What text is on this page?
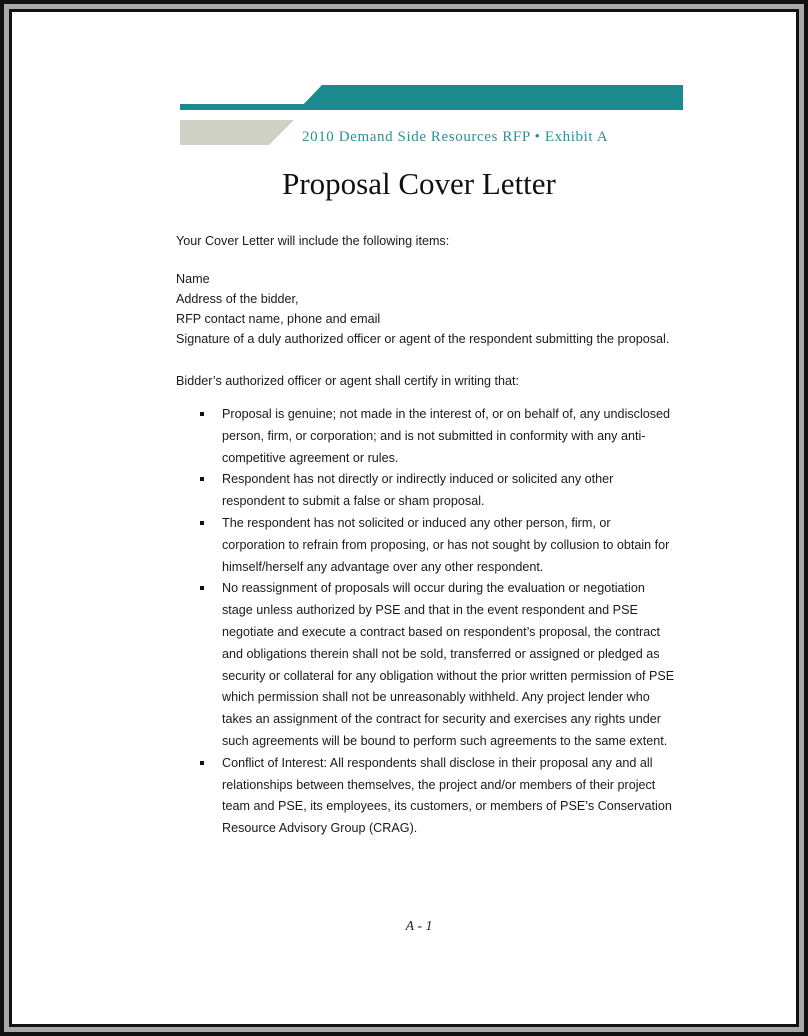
2010 Demand Side Resources RFP • Exhibit A
Proposal Cover Letter
Your Cover Letter will include the following items:
Name
Address of the bidder,
RFP contact name, phone and email
Signature of a duly authorized officer or agent of the respondent submitting the proposal.
Bidder’s authorized officer or agent shall certify in writing that:
Proposal is genuine; not made in the interest of, or on behalf of, any undisclosed person, firm, or corporation; and is not submitted in conformity with any anti-competitive agreement or rules.
Respondent has not directly or indirectly induced or solicited any other respondent to submit a false or sham proposal.
The respondent has not solicited or induced any other person, firm, or corporation to refrain from proposing, or has not sought by collusion to obtain for himself/herself any advantage over any other respondent.
No reassignment of proposals will occur during the evaluation or negotiation stage unless authorized by PSE and that in the event respondent and PSE negotiate and execute a contract based on respondent’s proposal, the contract and obligations therein shall not be sold, transferred or assigned or pledged as security or collateral for any obligation without the prior written permission of PSE which permission shall not be unreasonably withheld. Any project lender who takes an assignment of the contract for security and exercises any rights under such agreements will be bound to perform such agreements to the same extent.
Conflict of Interest: All respondents shall disclose in their proposal any and all relationships between themselves, the project and/or members of their project team and PSE, its employees, its customers, or members of PSE’s Conservation Resource Advisory Group (CRAG).
A - 1
